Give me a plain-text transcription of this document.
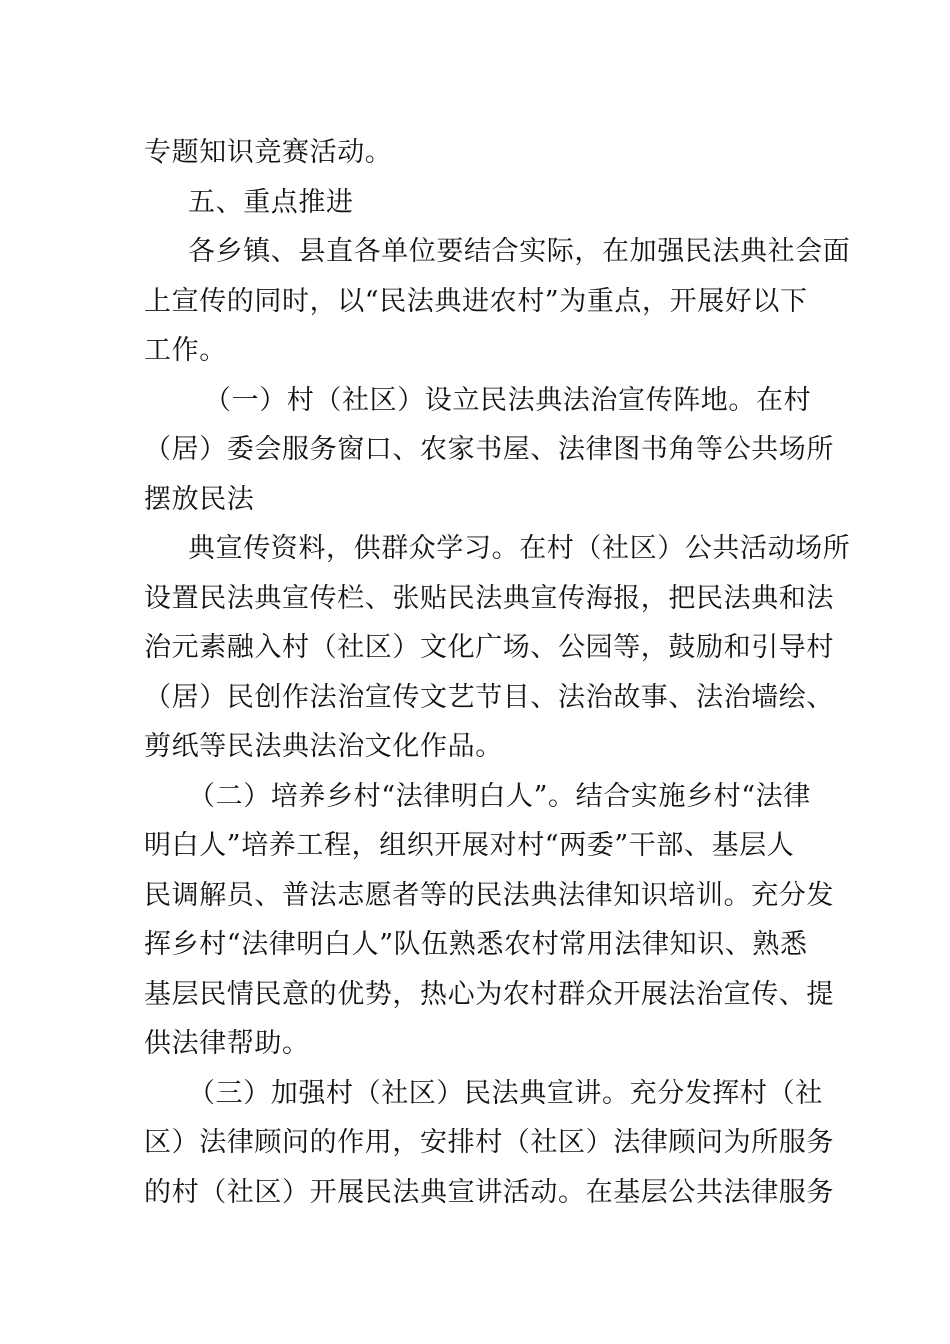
专题知识竞赛活动。
五、重点推进
各乡镇、县直各单位要结合实际，在加强民法典社会面
上宣传的同时，以“民法典进农村”为重点，开展好以下
工作。
（一）村（社区）设立民法典法治宣传阵地。在村
（居）委会服务窗口、农家书屋、法律图书角等公共场所
摆放民法
典宣传资料，供群众学习。在村（社区）公共活动场所
设置民法典宣传栏、张贴民法典宣传海报，把民法典和法
治元素融入村（社区）文化广场、公园等，鼓励和引导村
（居）民创作法治宣传文艺节目、法治故事、法治墙绘、
剪纸等民法典法治文化作品。
（二）培养乡村“法律明白人”。结合实施乡村“法律
明白人”培养工程，组织开展对村“两委”干部、基层人
民调解员、普法志愿者等的民法典法律知识培训。充分发
挥乡村“法律明白人”队伍熟悉农村常用法律知识、熟悉
基层民情民意的优势，热心为农村群众开展法治宣传、提
供法律帮助。
（三）加强村（社区）民法典宣讲。充分发挥村（社
区）法律顾问的作用，安排村（社区）法律顾问为所服务
的村（社区）开展民法典宣讲活动。在基层公共法律服务
